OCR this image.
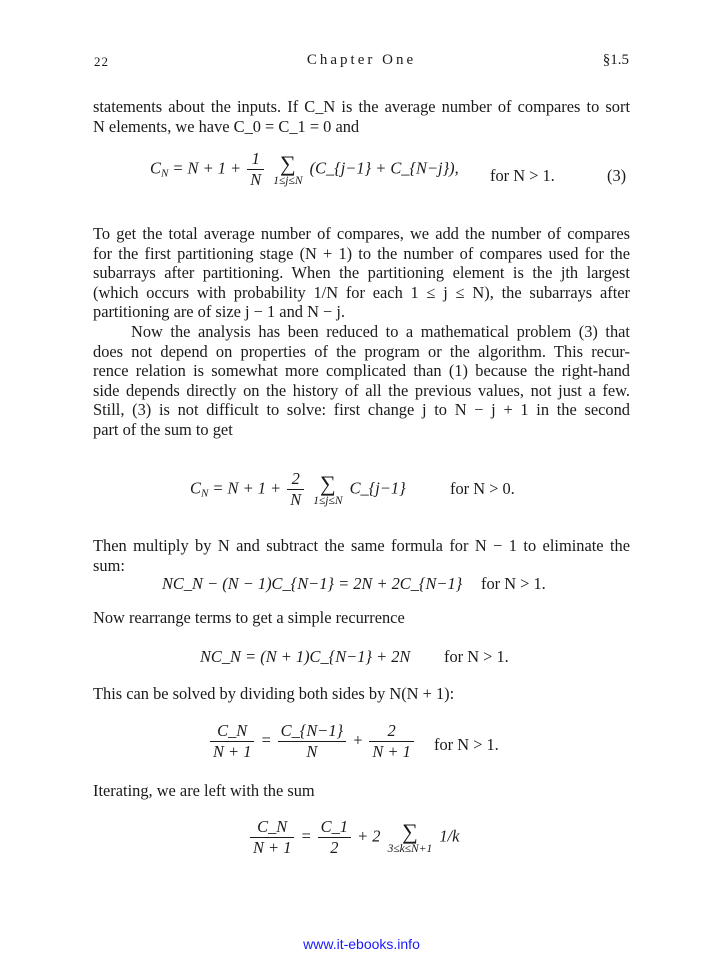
22	Chapter One	§1.5
statements about the inputs. If C_N is the average number of compares to sort
N elements, we have C_0 = C_1 = 0 and
$C_N = N + 1 + \frac{1}{N}$
∑
1≤j≤N
(C_{j−1} + C_{N−j}), for N > 1.	(3)
To get the total average number of compares, we add the number of compares
for the first partitioning stage (N + 1) to the number of compares used for the
subarrays after partitioning. When the partitioning element is the jth largest
(which occurs with probability 1/N for each 1 ≤ j ≤ N), the subarrays after
partitioning are of size j − 1 and N − j.
Now the analysis has been reduced to a mathematical problem (3) that
does not depend on properties of the program or the algorithm. This recur-
rence relation is somewhat more complicated than (1) because the right-hand
side depends directly on the history of all the previous values, not just a few.
Still, (3) is not difficult to solve: first change j to N − j + 1 in the second
part of the sum to get
$C_N = N + 1 + \frac{2}{N}$
∑
1≤j≤N
C_{j−1}	for N > 0.
Then multiply by N and subtract the same formula for N − 1 to eliminate the
sum:
NC_N − (N − 1)C_{N−1} = 2N + 2C_{N−1} for N > 1.
Now rearrange terms to get a simple recurrence
NC_N = (N + 1)C_{N−1} + 2N for N > 1.
This can be solved by dividing both sides by N(N + 1):
$\frac{C\_N}{N + 1} = \frac{C\_\{N-1\}}{N} + \frac{2}{N + 1}$ for N > 1.
Iterating, we are left with the sum
$\frac{C\_N}{N + 1} = \frac{C\_1}{2} + 2$ ∑
3≤k≤N+1
1/k
www.it-ebooks.info
